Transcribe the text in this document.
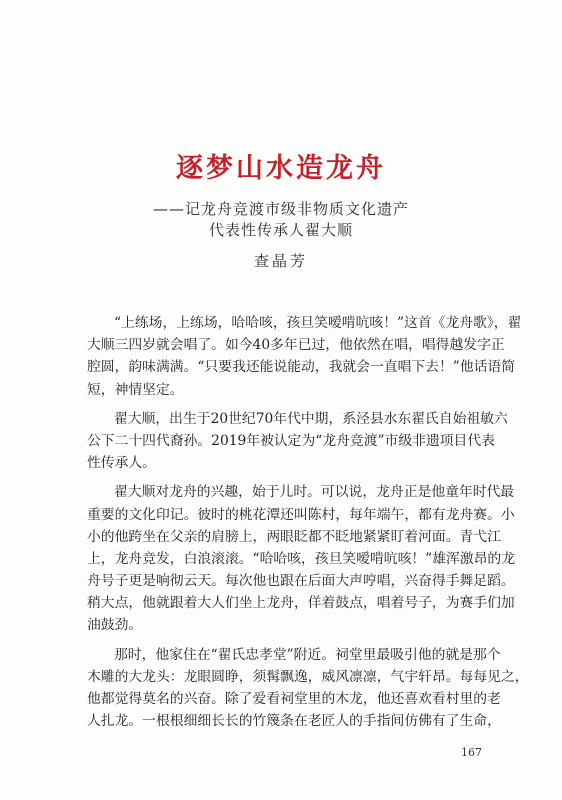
逐梦山水造龙舟
——记龙舟竞渡市级非物质文化遗产
代表性传承人翟大顺
查晶芳
“上练场，上练场，哈哈咳，孩旦笑嗳啃吭咳！”这首《龙舟歌》，翟
大顺三四岁就会唱了。如今40多年已过，他依然在唱，唱得越发字正
腔圆，韵味满满。“只要我还能说能动，我就会一直唱下去！”他话语简
短，神情坚定。
翟大顺，出生于20世纪70年代中期，系泾县水东翟氏自始祖敏六
公下二十四代裔孙。2019年被认定为“龙舟竞渡”市级非遗项目代表
性传承人。
翟大顺对龙舟的兴趣，始于儿时。可以说，龙舟正是他童年时代最
重要的文化印记。彼时的桃花潭还叫陈村，每年端午，都有龙舟赛。小
小的他跨坐在父亲的肩膀上，两眼眨都不眨地紧紧盯着河面。青弋江
上，龙舟竞发，白浪滚滚。“哈哈咳，孩旦笑嗳啃吭咳！”雄浑激昂的龙
舟号子更是响彻云天。每次他也跟在后面大声哼唱，兴奋得手舞足蹈。
稍大点，他就跟着大人们坐上龙舟，佯着鼓点，唱着号子，为赛手们加
油鼓劲。
那时，他家住在“翟氏忠孝堂”附近。祠堂里最吸引他的就是那个
木雕的大龙头：龙眼圆睁，须髯飘逸，威风凛凛，气宇轩昂。每每见之，
他都觉得莫名的兴奋。除了爱看祠堂里的木龙，他还喜欢看村里的老
人扎龙。一根根细细长长的竹篾条在老匠人的手指间仿佛有了生命，
167
